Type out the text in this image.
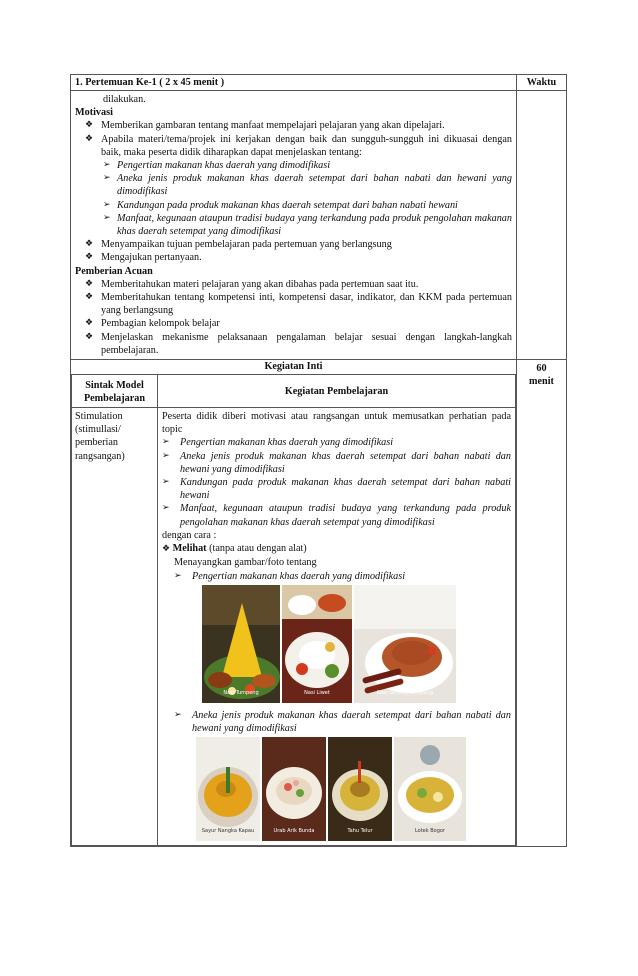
1. Pertemuan Ke-1 ( 2 x 45 menit )	Waktu

dilakukan.
Motivasi
❖ Memberikan gambaran tentang manfaat mempelajari pelajaran yang akan dipelajari.
❖ Apabila materi/tema/projek ini kerjakan dengan baik dan sungguh-sungguh ini dikuasai dengan baik, maka peserta didik diharapkan dapat menjelaskan tentang:
➢ Pengertian makanan khas daerah yang dimodifikasi
➢ Aneka jenis produk makanan khas daerah setempat dari bahan nabati dan hewani yang dimodifikasi
➢ Kandungan pada produk makanan khas daerah setempat dari bahan nabati hewani
➢ Manfaat, kegunaan ataupun tradisi budaya yang terkandung pada produk pengolahan makanan khas daerah setempat yang dimodifikasi
❖ Menyampaikan tujuan pembelajaran pada pertemuan yang berlangsung
❖ Mengajukan pertanyaan.
Pemberian Acuan
❖ Memberitahukan materi pelajaran yang akan dibahas pada pertemuan saat itu.
❖ Memberitahukan tentang kompetensi inti, kompetensi dasar, indikator, dan KKM pada pertemuan yang berlangsung
❖ Pembagian kelompok belajar
❖ Menjelaskan mekanisme pelaksanaan pengalaman belajar sesuai dengan langkah-langkah pembelajaran.

Kegiatan Inti
Sintak Model Pembelajaran	Kegiatan Pembelajaran
Stimulation (stimullasi/ pemberian rangsangan)	
Peserta didik diberi motivasi atau rangsangan untuk memusatkan perhatian pada topic
➢	Pengertian makanan khas daerah yang dimodifikasi
➢	Aneka jenis produk makanan khas daerah setempat dari bahan nabati dan hewani yang dimodifikasi
➢	Kandungan pada produk makanan khas daerah setempat dari bahan nabati hewani
➢	Manfaat, kegunaan ataupun tradisi budaya yang terkandung pada produk pengolahan makanan khas daerah setempat yang dimodifikasi
dengan cara :
❖ Melihat (tanpa atau dengan alat)
Menayangkan gambar/foto tentang
➢	Pengertian makanan khas daerah yang dimodifikasi
Nasi Tumpeng	Nasi Liwet	Nasi Goreng Kampung
➢	Aneka jenis produk makanan khas daerah setempat dari bahan nabati dan hewani yang dimodifikasi
Sayur Nangka Kapau	Urab Arik Bunda	Tahu Telur	Lotek Bogor

60
menit
